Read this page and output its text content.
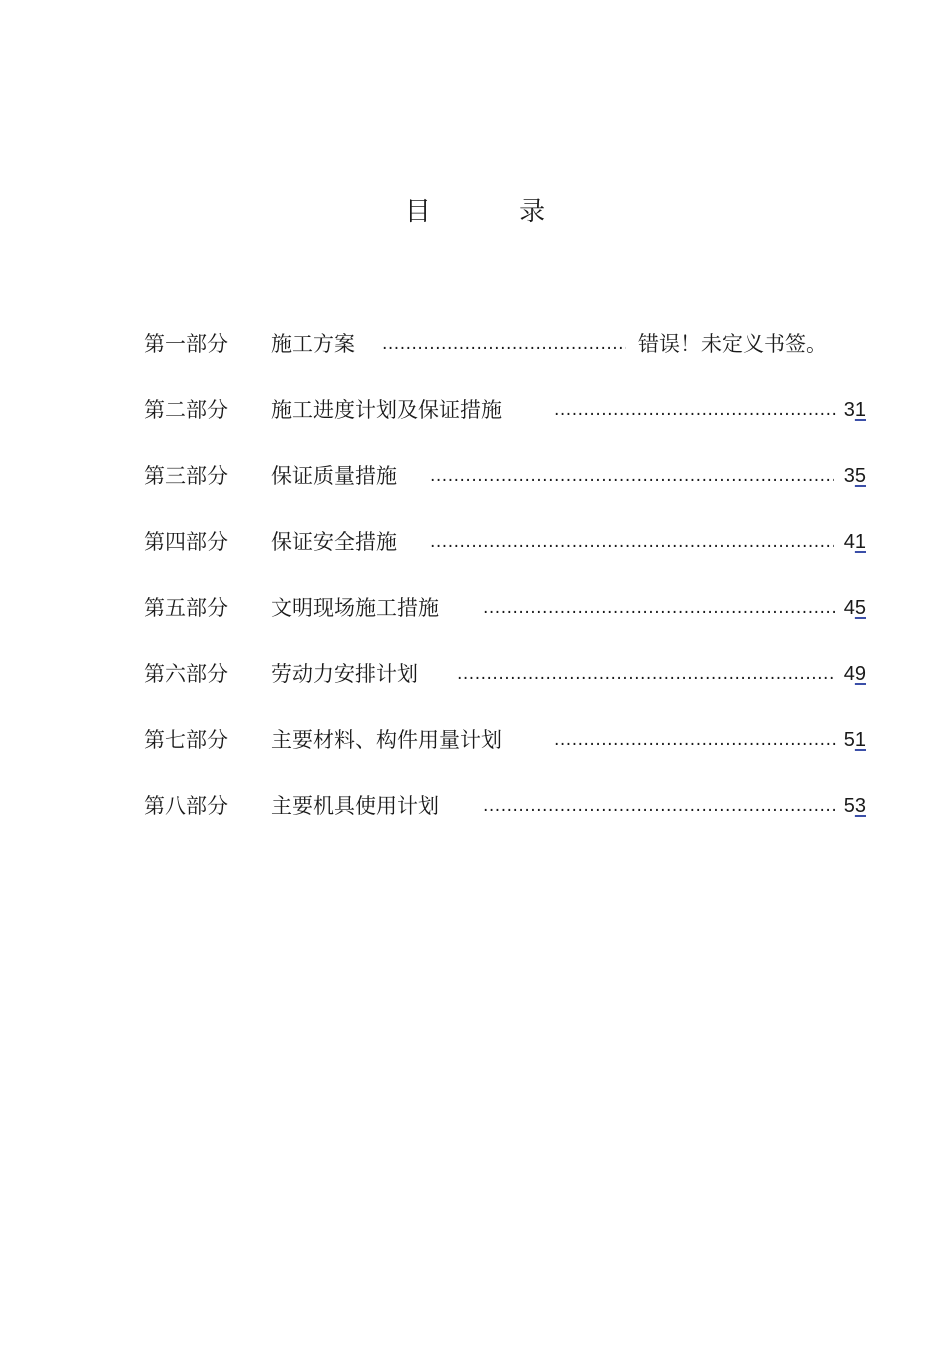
目 录
第一部分 施工方案 .....	错误！未定义书签。
第二部分 施工进度计划及保证措施 .....	31
第三部分 保证质量措施 .....	35
第四部分 保证安全措施 .....	41
第五部分 文明现场施工措施 .....	45
第六部分 劳动力安排计划 .....	49
第七部分 主要材料、构件用量计划 .....	51
第八部分 主要机具使用计划 .....	53
